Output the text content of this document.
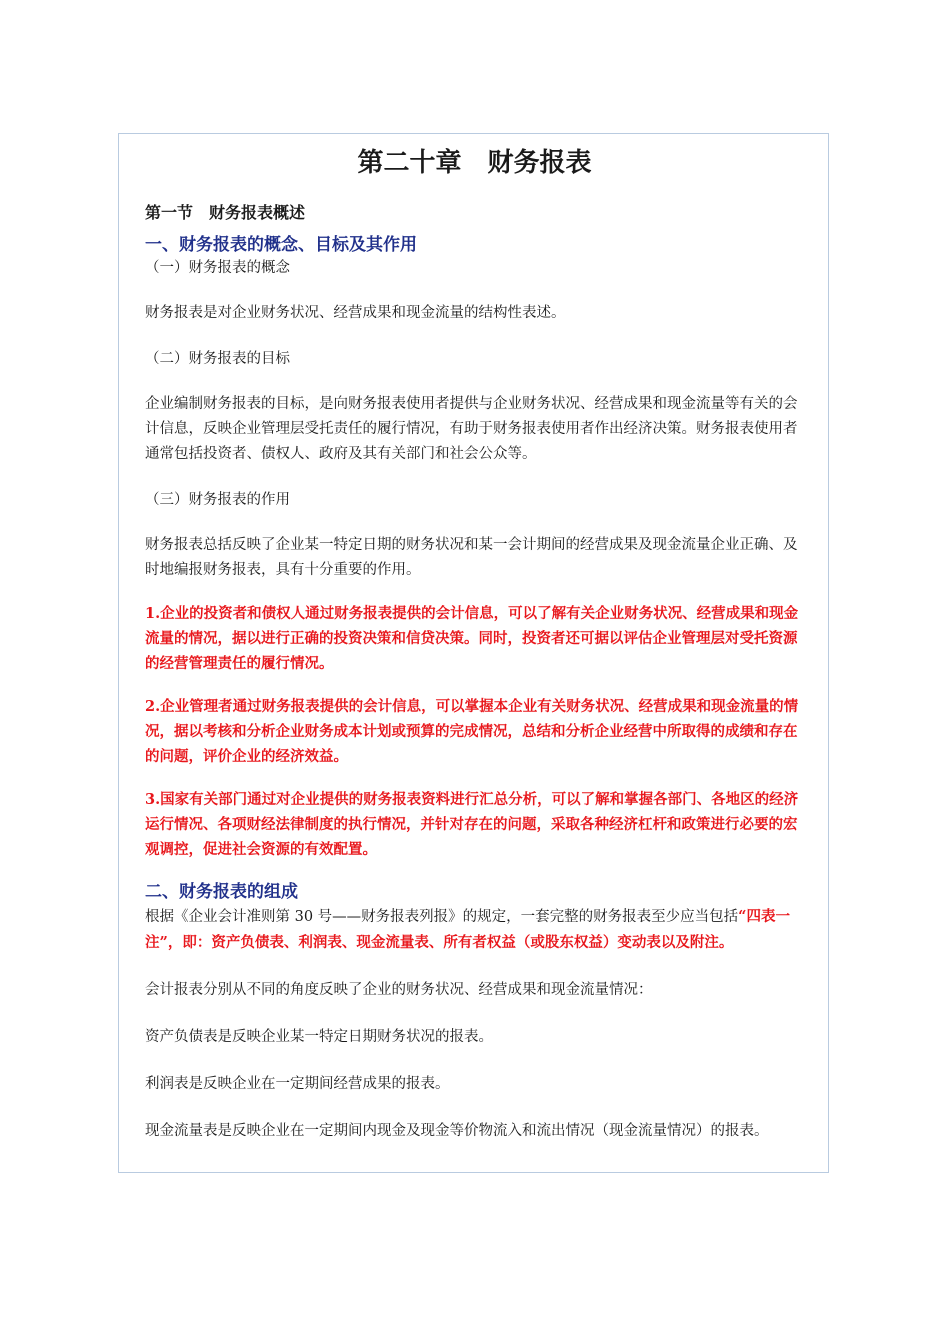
第二十章　财务报表
第一节　财务报表概述
一、财务报表的概念、目标及其作用

（一）财务报表的概念

财务报表是对企业财务状况、经营成果和现金流量的结构性表述。

（二）财务报表的目标

企业编制财务报表的目标，是向财务报表使用者提供与企业财务状况、经营成果和现金流量等有关的会计信息，反映企业管理层受托责任的履行情况，有助于财务报表使用者作出经济决策。财务报表使用者通常包括投资者、债权人、政府及其有关部门和社会公众等。

（三）财务报表的作用

财务报表总括反映了企业某一特定日期的财务状况和某一会计期间的经营成果及现金流量企业正确、及时地编报财务报表，具有十分重要的作用。

1.企业的投资者和债权人通过财务报表提供的会计信息，可以了解有关企业财务状况、经营成果和现金流量的情况，据以进行正确的投资决策和信贷决策。同时，投资者还可据以评估企业管理层对受托资源的经营管理责任的履行情况。

2.企业管理者通过财务报表提供的会计信息，可以掌握本企业有关财务状况、经营成果和现金流量的情况，据以考核和分析企业财务成本计划或预算的完成情况，总结和分析企业经营中所取得的成绩和存在的问题，评价企业的经济效益。

3.国家有关部门通过对企业提供的财务报表资料进行汇总分析，可以了解和掌握各部门、各地区的经济运行情况、各项财经法律制度的执行情况，并针对存在的问题，采取各种经济杠杆和政策进行必要的宏观调控，促进社会资源的有效配置。

二、财务报表的组成

根据《企业会计准则第 30 号——财务报表列报》的规定，一套完整的财务报表至少应当包括“四表一注”，即：资产负债表、利润表、现金流量表、所有者权益（或股东权益）变动表以及附注。

会计报表分别从不同的角度反映了企业的财务状况、经营成果和现金流量情况：

资产负债表是反映企业某一特定日期财务状况的报表。

利润表是反映企业在一定期间经营成果的报表。

现金流量表是反映企业在一定期间内现金及现金等价物流入和流出情况（现金流量情况）的报表。
